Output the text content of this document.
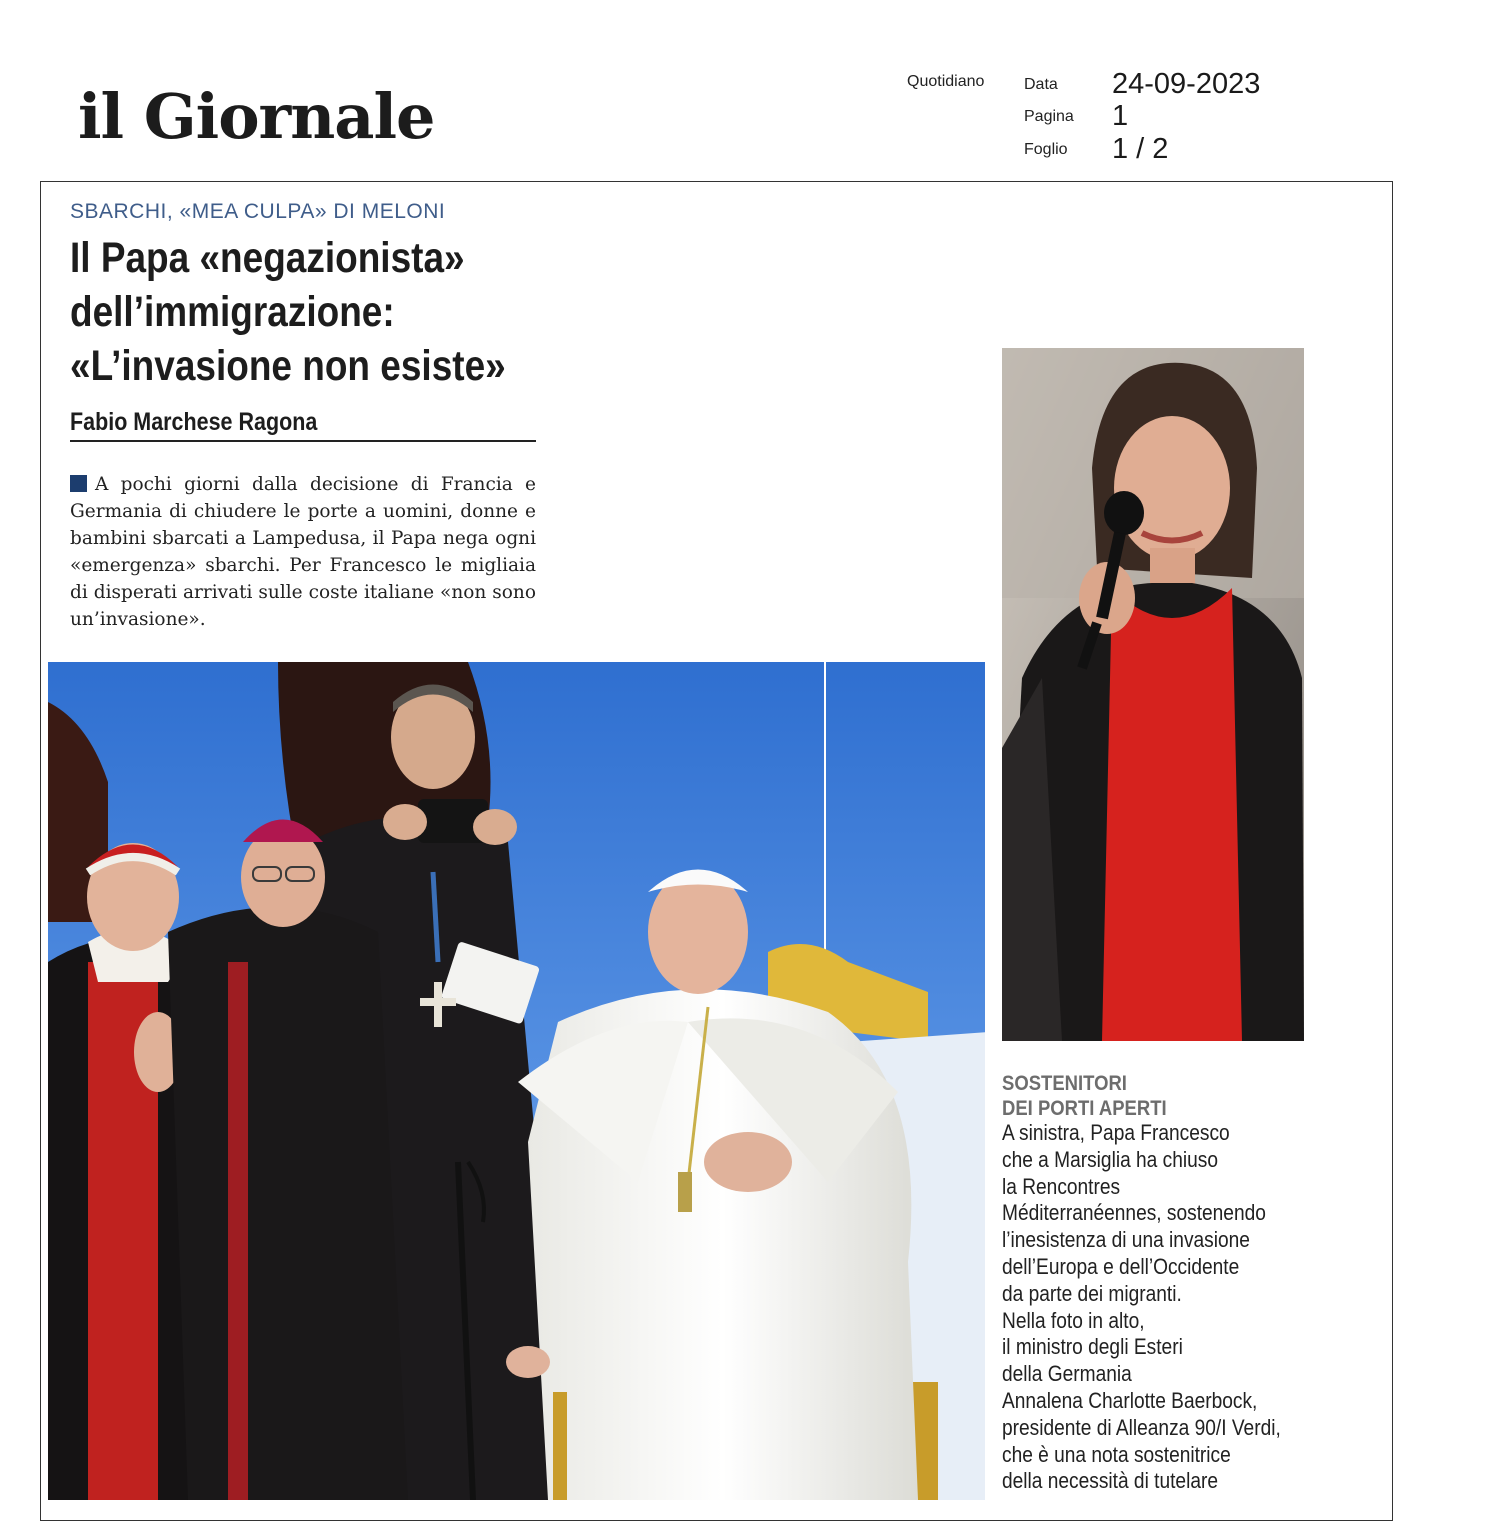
il Giornale	Quotidiano Data 24-09-2023
Pagina 1
Foglio 1 / 2
SBARCHI, «MEA CULPA» DI MELONI
Il Papa «negazionista»
dell’immigrazione:
«L’invasione non esiste»
Fabio Marchese Ragona
A pochi giorni dalla decisione di Francia e Germania di chiudere le porte a uomini, donne e bambini sbarcati a Lampedusa, il Papa nega ogni «emergenza» sbarchi. Per Francesco le migliaia di disperati arrivati sulle coste italiane «non sono un’invasione».
SOSTENITORI
DEI PORTI APERTI
A sinistra, Papa Francesco
che a Marsiglia ha chiuso
la Rencontres
Méditerranéennes, sostenendo
l’inesistenza di una invasione
dell’Europa e dell’Occidente
da parte dei migranti.
Nella foto in alto,
il ministro degli Esteri
della Germania
Annalena Charlotte Baerbock,
presidente di Alleanza 90/I Verdi,
che è una nota sostenitrice
della necessità di tutelare
